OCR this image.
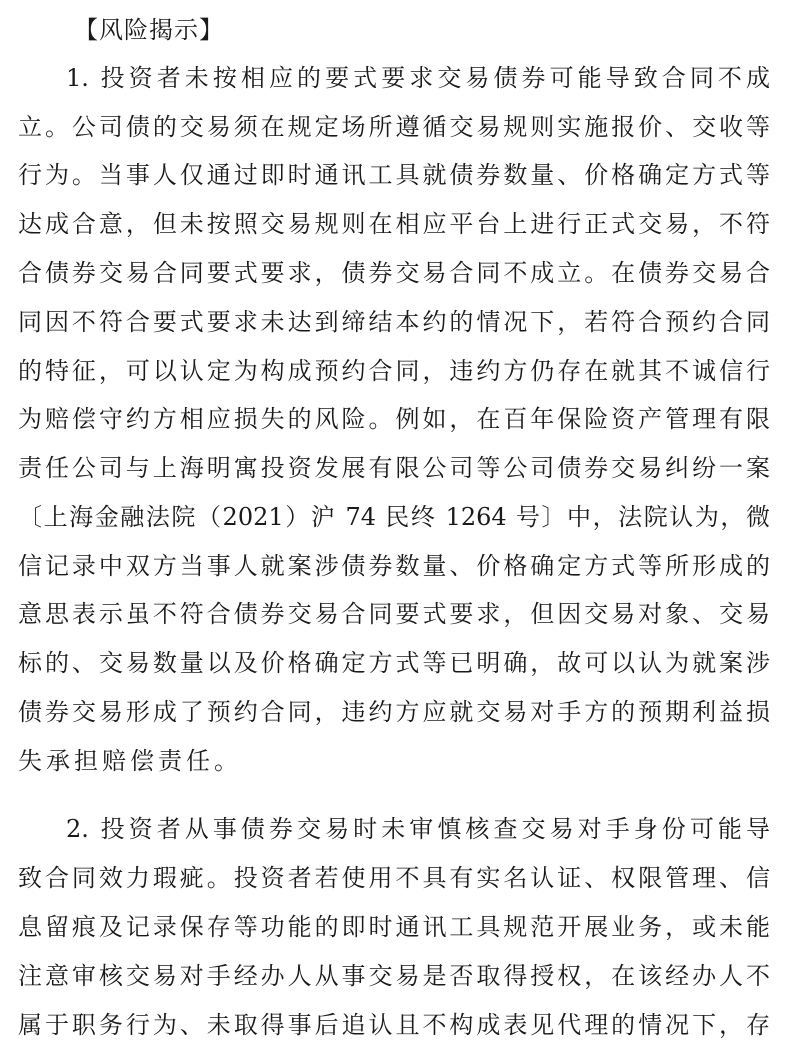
【风险揭示】
1. 投资者未按相应的要式要求交易债券可能导致合同不成
立。公司债的交易须在规定场所遵循交易规则实施报价、交收等
行为。当事人仅通过即时通讯工具就债券数量、价格确定方式等
达成合意，但未按照交易规则在相应平台上进行正式交易，不符
合债券交易合同要式要求，债券交易合同不成立。在债券交易合
同因不符合要式要求未达到缔结本约的情况下，若符合预约合同
的特征，可以认定为构成预约合同，违约方仍存在就其不诚信行
为赔偿守约方相应损失的风险。例如，在百年保险资产管理有限
责任公司与上海明寓投资发展有限公司等公司债券交易纠纷一案
〔上海金融法院（2021）沪 74 民终 1264 号〕中，法院认为，微
信记录中双方当事人就案涉债券数量、价格确定方式等所形成的
意思表示虽不符合债券交易合同要式要求，但因交易对象、交易
标的、交易数量以及价格确定方式等已明确，故可以认为就案涉
债券交易形成了预约合同，违约方应就交易对手方的预期利益损
失承担赔偿责任。
2. 投资者从事债券交易时未审慎核查交易对手身份可能导
致合同效力瑕疵。投资者若使用不具有实名认证、权限管理、信
息留痕及记录保存等功能的即时通讯工具规范开展业务，或未能
注意审核交易对手经办人从事交易是否取得授权，在该经办人不
属于职务行为、未取得事后追认且不构成表见代理的情况下，存
